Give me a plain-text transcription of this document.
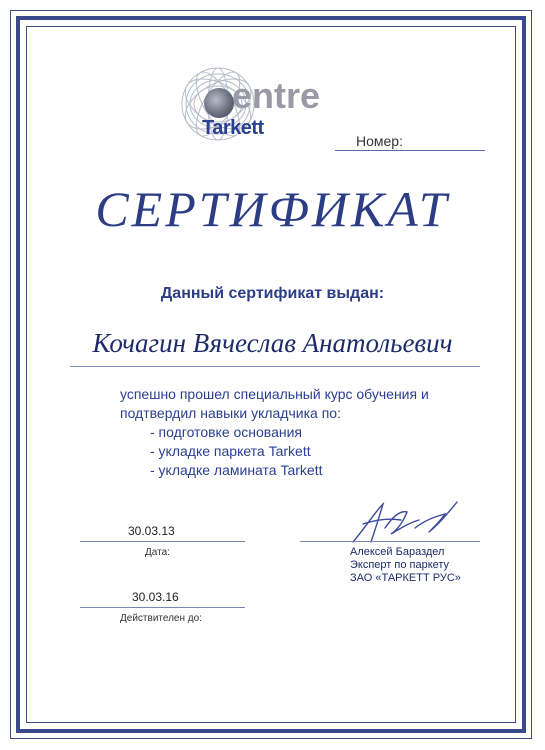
entre
Tarkett
Номер:
СЕРТИФИКАТ
Данный сертификат выдан:
Кочагин Вячеслав Анатольевич
успешно прошел специальный курс обучения и
подтвердил навыки укладчика по:
- подготовке основания
- укладке паркета Tarkett
- укладке ламината Tarkett
30.03.13
Дата:
30.03.16
Действителен до:
Алексей Бараздел
Эксперт по паркету
ЗАО «ТАРКЕТТ РУС»
